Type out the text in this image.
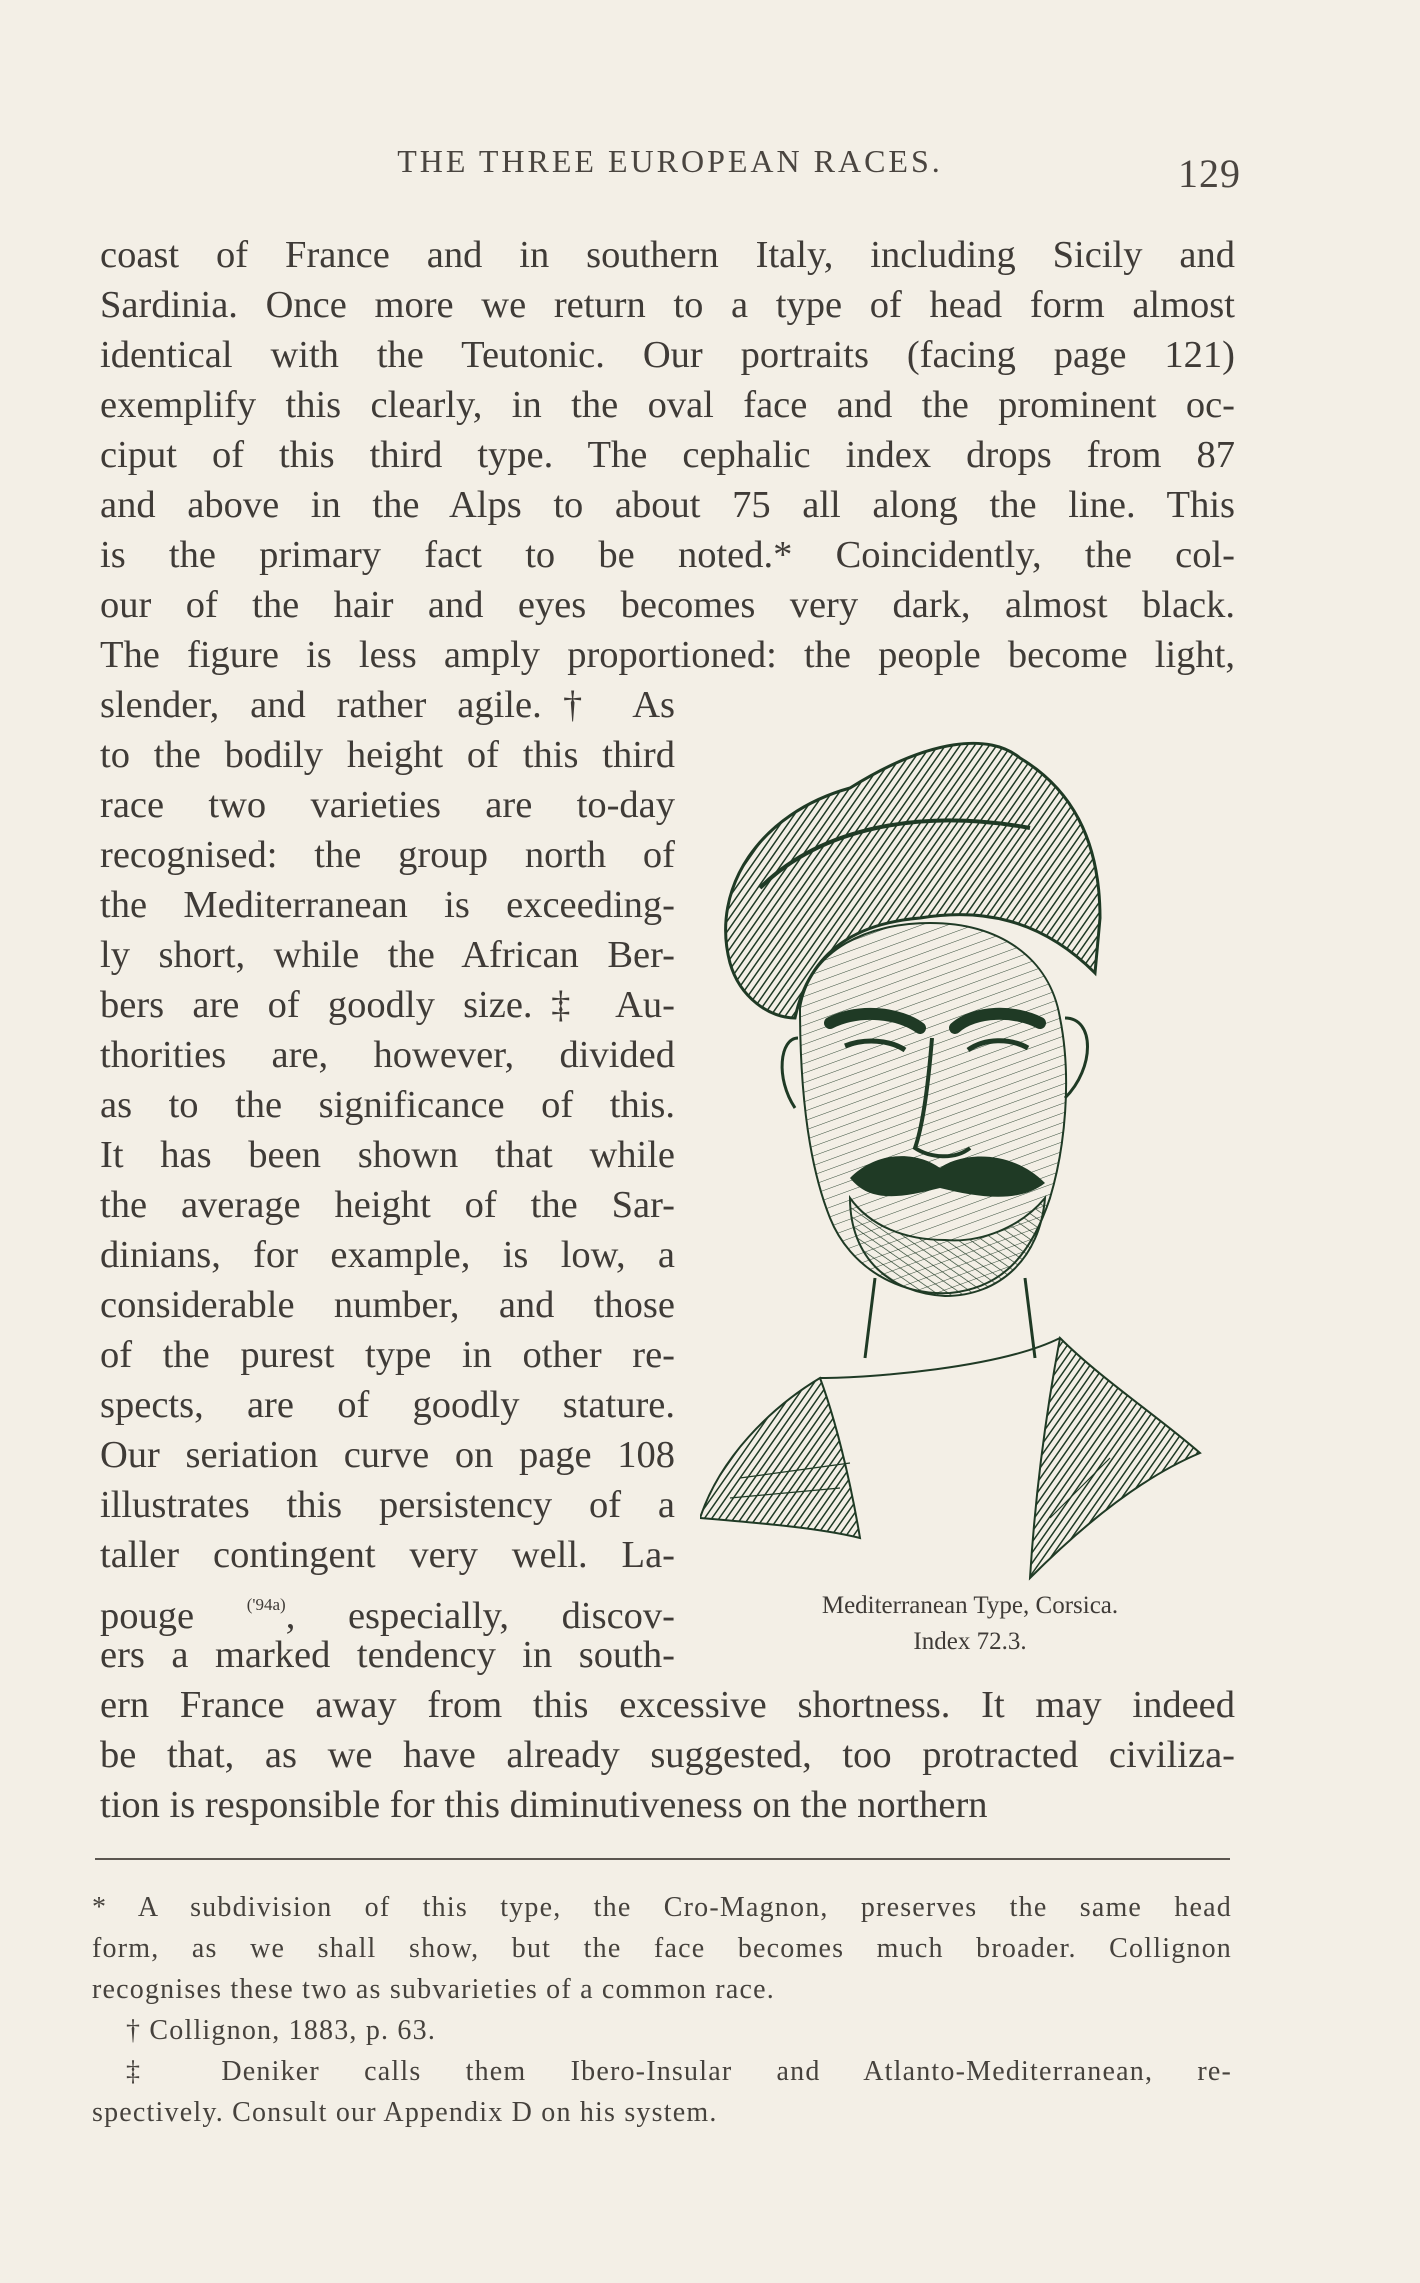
THE THREE EUROPEAN RACES.	129
coast of France and in southern Italy, including Sicily and
Sardinia. Once more we return to a type of head form almost
identical with the Teutonic. Our portraits (facing page 121)
exemplify this clearly, in the oval face and the prominent oc-
ciput of this third type. The cephalic index drops from 87
and above in the Alps to about 75 all along the line. This
is the primary fact to be noted.* Coincidently, the col-
our of the hair and eyes becomes very dark, almost black.
The figure is less amply proportioned: the people become light,
slender, and rather agile.† As
to the bodily height of this third
race two varieties are to-day
recognised: the group north of
the Mediterranean is exceeding-
ly short, while the African Ber-
bers are of goodly size.‡ Au-
thorities are, however, divided
as to the significance of this.
It has been shown that while
the average height of the Sar-
dinians, for example, is low, a
considerable number, and those
of the purest type in other re-
spects, are of goodly stature.
Our seriation curve on page 108
illustrates this persistency of a
taller contingent very well. La-
pouge	$^{('94a)}$, especially, discov-
ers a marked tendency in south-
ern France away from this excessive shortness. It may indeed
be that, as we have already suggested, too protracted civiliza-
tion is responsible for this diminutiveness on the northern
Mediterranean Type, Corsica.
Index 72.3.
* A subdivision of this type, the Cro-Magnon, preserves the same head
form, as we shall show, but the face becomes much broader. Collignon
recognises these two as subvarieties of a common race.
† Collignon, 1883, p. 63.
‡ Deniker calls them Ibero-Insular and Atlanto-Mediterranean, re-
spectively. Consult our Appendix D on his system.
